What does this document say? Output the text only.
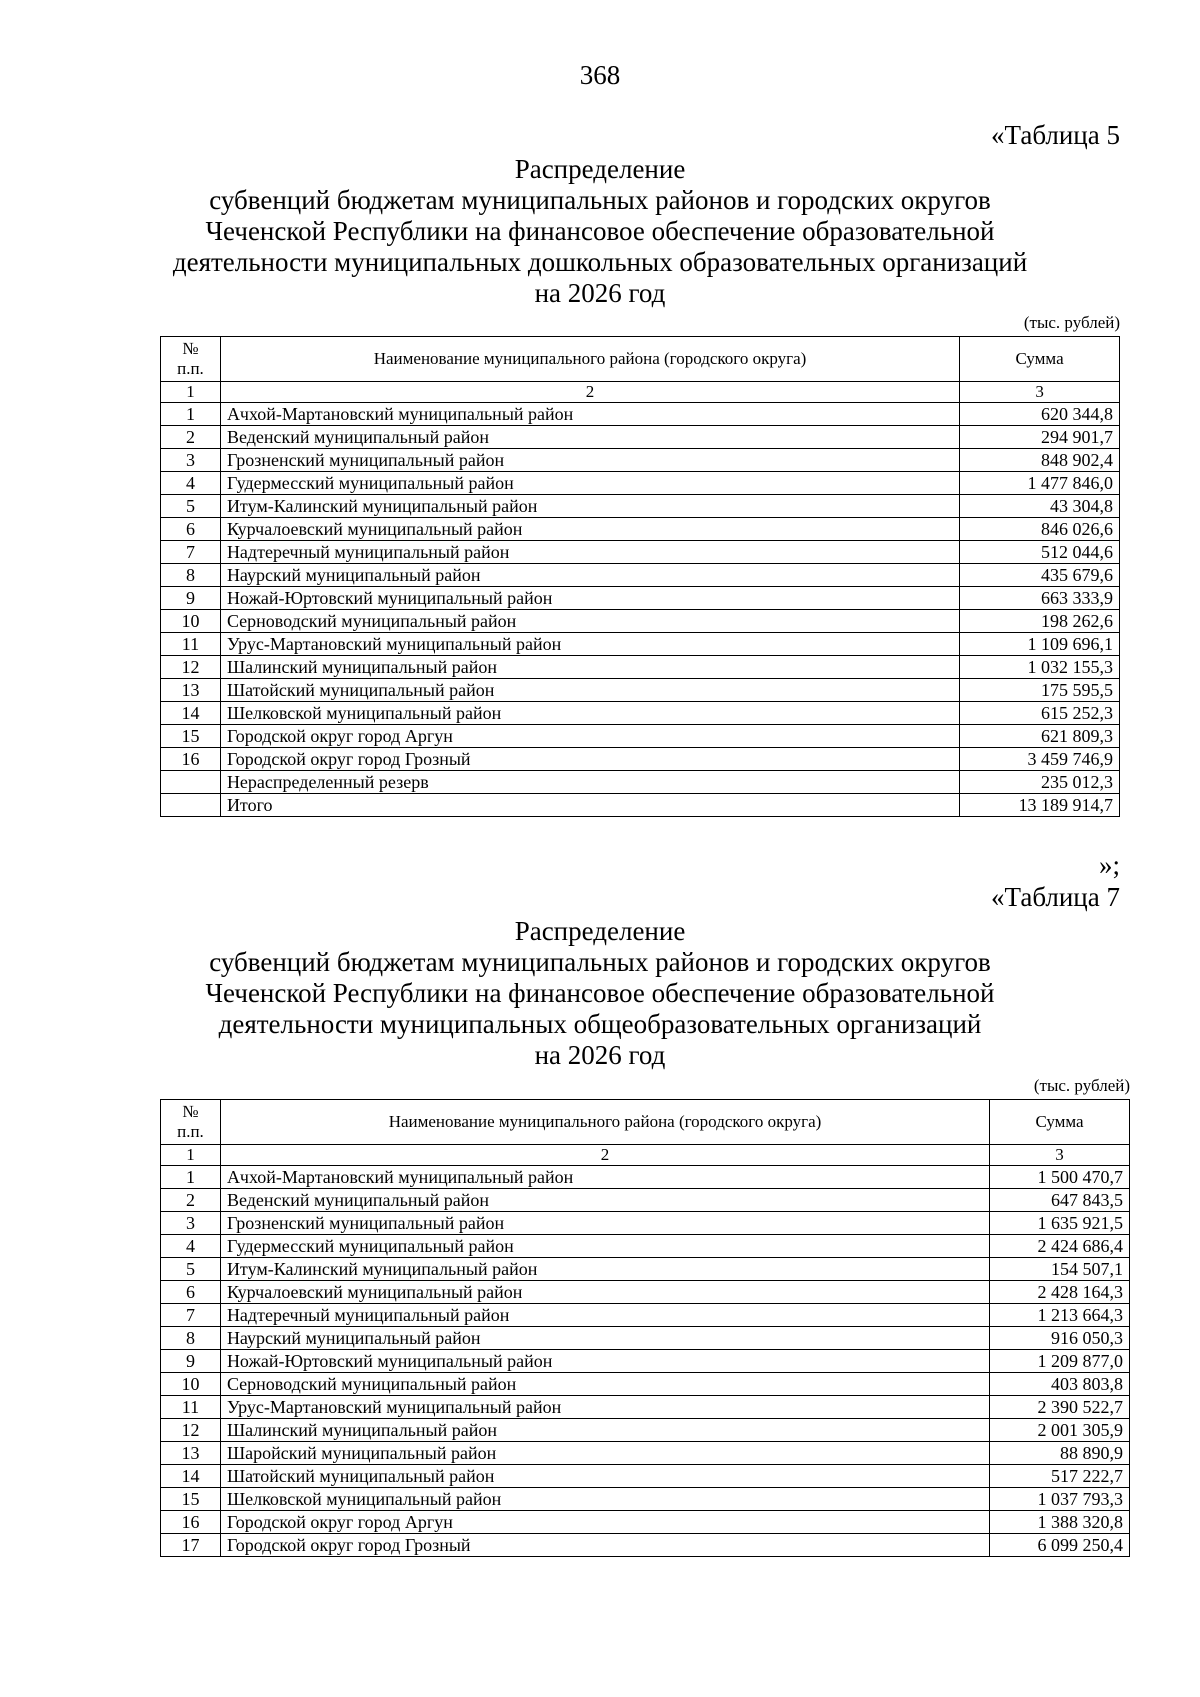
368
«Таблица 5
Распределение
субвенций бюджетам муниципальных районов и городских округов
Чеченской Республики на финансовое обеспечение образовательной
деятельности муниципальных дошкольных образовательных организаций
на 2026 год
(тыс. рублей)
№ п.п.	Наименование муниципального района (городского округа)	Сумма
1	2	3
1	Ачхой-Мартановский муниципальный район	620 344,8
2	Веденский муниципальный район	294 901,7
3	Грозненский муниципальный район	848 902,4
4	Гудермесский муниципальный район	1 477 846,0
5	Итум-Калинский муниципальный район	43 304,8
6	Курчалоевский муниципальный район	846 026,6
7	Надтеречный муниципальный район	512 044,6
8	Наурский муниципальный район	435 679,6
9	Ножай-Юртовский муниципальный район	663 333,9
10	Серноводский муниципальный район	198 262,6
11	Урус-Мартановский муниципальный район	1 109 696,1
12	Шалинский муниципальный район	1 032 155,3
13	Шатойский муниципальный район	175 595,5
14	Шелковской муниципальный район	615 252,3
15	Городской округ город Аргун	621 809,3
16	Городской округ город Грозный	3 459 746,9
	Нераспределенный резерв	235 012,3
	Итого	13 189 914,7
»;
«Таблица 7
Распределение
субвенций бюджетам муниципальных районов и городских округов
Чеченской Республики на финансовое обеспечение образовательной
деятельности муниципальных общеобразовательных организаций
на 2026 год
(тыс. рублей)
№ п.п.	Наименование муниципального района (городского округа)	Сумма
1	2	3
1	Ачхой-Мартановский муниципальный район	1 500 470,7
2	Веденский муниципальный район	647 843,5
3	Грозненский муниципальный район	1 635 921,5
4	Гудермесский муниципальный район	2 424 686,4
5	Итум-Калинский муниципальный район	154 507,1
6	Курчалоевский муниципальный район	2 428 164,3
7	Надтеречный муниципальный район	1 213 664,3
8	Наурский муниципальный район	916 050,3
9	Ножай-Юртовский муниципальный район	1 209 877,0
10	Серноводский муниципальный район	403 803,8
11	Урус-Мартановский муниципальный район	2 390 522,7
12	Шалинский муниципальный район	2 001 305,9
13	Шаройский муниципальный район	88 890,9
14	Шатойский муниципальный район	517 222,7
15	Шелковской муниципальный район	1 037 793,3
16	Городской округ город Аргун	1 388 320,8
17	Городской округ город Грозный	6 099 250,4
